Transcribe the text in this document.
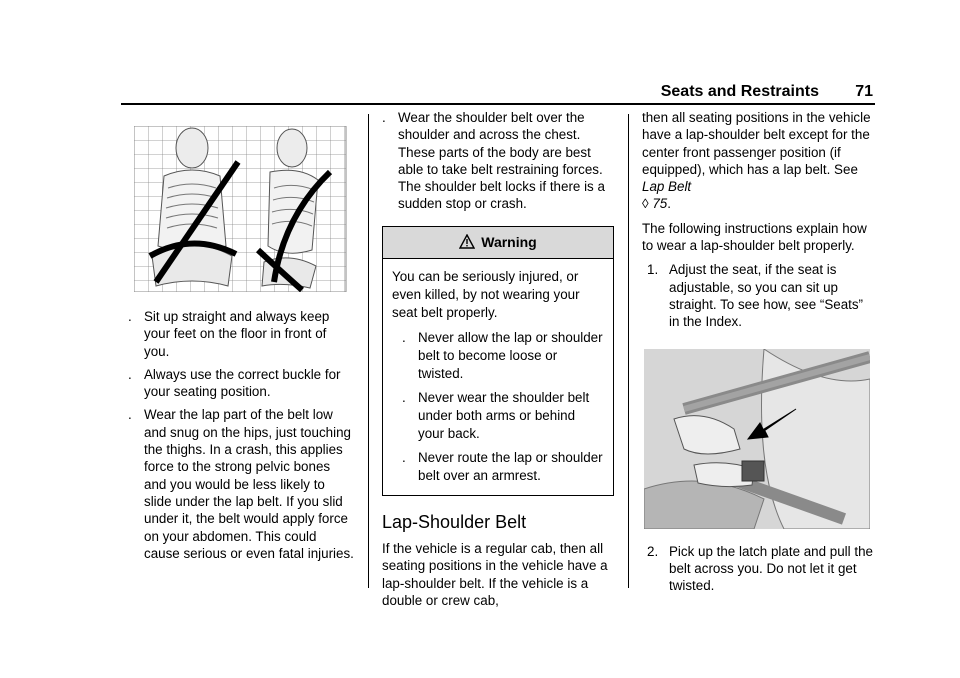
Seats and Restraints 71
. Sit up straight and always keep your feet on the floor in front of you.
. Always use the correct buckle for your seating position.
. Wear the lap part of the belt low and snug on the hips, just touching the thighs. In a crash, this applies force to the strong pelvic bones and you would be less likely to slide under the lap belt. If you slid under it, the belt would apply force on your abdomen. This could cause serious or even fatal injuries.
. Wear the shoulder belt over the shoulder and across the chest. These parts of the body are best able to take belt restraining forces. The shoulder belt locks if there is a sudden stop or crash.
Warning

You can be seriously injured, or even killed, by not wearing your seat belt properly.

. Never allow the lap or shoulder belt to become loose or twisted.
. Never wear the shoulder belt under both arms or behind your back.
. Never route the lap or shoulder belt over an armrest.
Lap-Shoulder Belt

If the vehicle is a regular cab, then all seating positions in the vehicle have a lap-shoulder belt. If the vehicle is a double or crew cab,

then all seating positions in the vehicle have a lap-shoulder belt except for the center front passenger position (if equipped), which has a lap belt. See Lap Belt
◊ 75.

The following instructions explain how to wear a lap-shoulder belt properly.

1. Adjust the seat, if the seat is adjustable, so you can sit up straight. To see how, see “Seats” in the Index.
2. Pick up the latch plate and pull the belt across you. Do not let it get twisted.
